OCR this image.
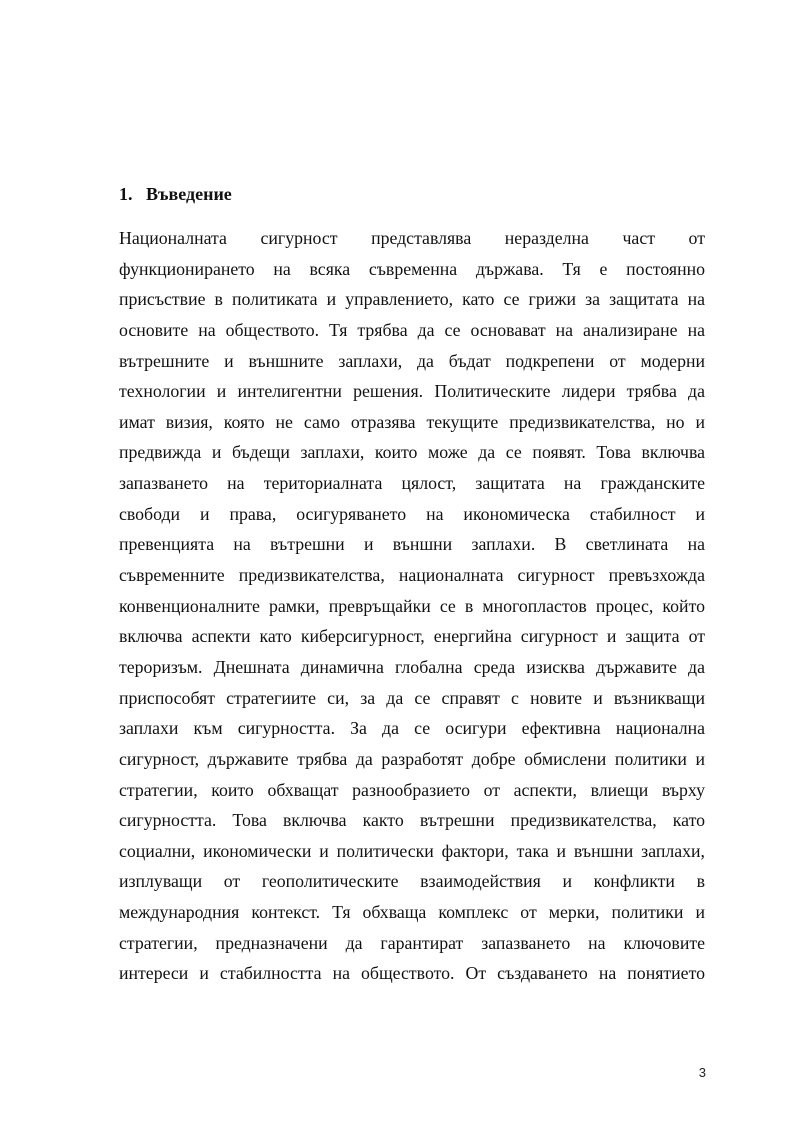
1. Въведение
Националната сигурност представлява неразделна част от
функционирането на всяка съвременна държава. Тя е постоянно
присъствие в политиката и управлението, като се грижи за защитата на
основите на обществото. Тя трябва да се основават на анализиране на
вътрешните и външните заплахи, да бъдат подкрепени от модерни
технологии и интелигентни решения. Политическите лидери трябва да
имат визия, която не само отразява текущите предизвикателства, но и
предвижда и бъдещи заплахи, които може да се появят. Това включва
запазването на териториалната цялост, защитата на гражданските
свободи и права, осигуряването на икономическа стабилност и
превенцията на вътрешни и външни заплахи. В светлината на
съвременните предизвикателства, националната сигурност превъзхожда
конвенционалните рамки, превръщайки се в многопластов процес, който
включва аспекти като киберсигурност, енергийна сигурност и защита от
тероризъм. Днешната динамична глобална среда изисква държавите да
приспособят стратегиите си, за да се справят с новите и възникващи
заплахи към сигурността. За да се осигури ефективна национална
сигурност, държавите трябва да разработят добре обмислени политики и
стратегии, които обхващат разнообразието от аспекти, влиещи върху
сигурността. Това включва както вътрешни предизвикателства, като
социални, икономически и политически фактори, така и външни заплахи,
изплуващи от геополитическите взаимодействия и конфликти в
международния контекст. Тя обхваща комплекс от мерки, политики и
стратегии, предназначени да гарантират запазването на ключовите
интереси и стабилността на обществото. От създаването на понятието
3
